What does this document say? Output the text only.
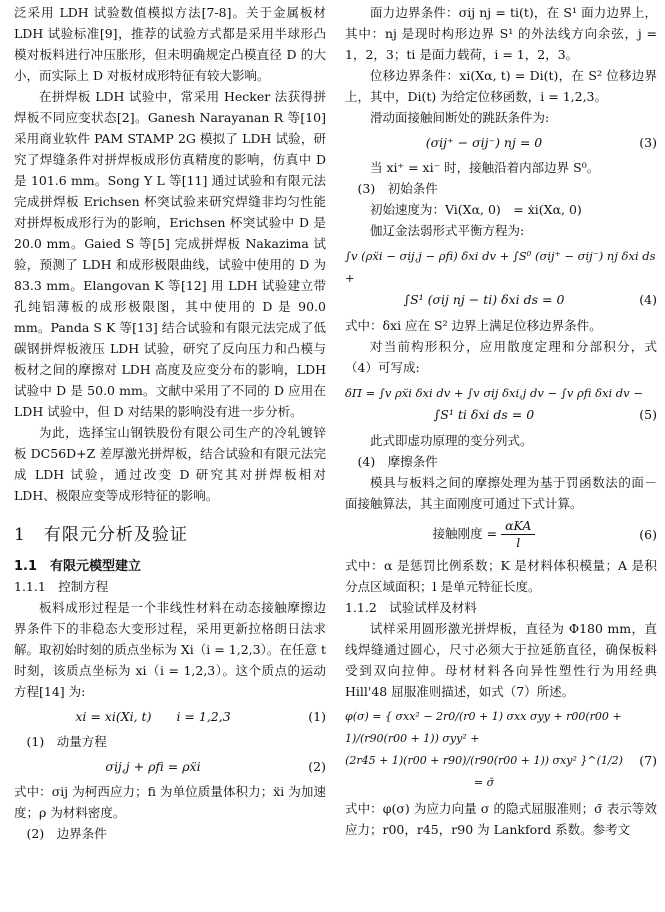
泛采用 LDH 试验数值模拟方法[7-8]。关于金属板材 LDH 试验标准[9]，推荐的试验方式都是采用半球形凸模对板料进行冲压胀形，但未明确规定凸模直径 D 的大小，而实际上 D 对板材成形特征有较大影响。

在拼焊板 LDH 试验中，常采用 Hecker 法获得拼焊板不同应变状态[2]。Ganesh Narayanan R 等[10] 采用商业软件 PAM STAMP 2G 模拟了 LDH 试验，研究了焊缝条件对拼焊板成形仿真精度的影响，仿真中 D 是 101.6 mm。Song Y L 等[11] 通过试验和有限元法完成拼焊板 Erichsen 杯突试验来研究焊缝非均匀性能对拼焊板成形行为的影响，Erichsen 杯突试验中 D 是 20.0 mm。Gaied S 等[5] 完成拼焊板 Nakazima 试验，预测了 LDH 和成形极限曲线，试验中使用的 D 为 83.3 mm。Elangovan K 等[12] 用 LDH 试验建立带孔纯铝薄板的成形极限图，其中使用的 D 是 90.0 mm。Panda S K 等[13] 结合试验和有限元法完成了低碳钢拼焊板液压 LDH 试验，研究了反向压力和凸模与板材之间的摩擦对 LDH 高度及应变分布的影响，LDH 试验中 D 是 50.0 mm。文献中采用了不同的 D 应用在 LDH 试验中，但 D 对结果的影响没有进一步分析。

为此，选择宝山钢铁股份有限公司生产的冷轧镀锌板 DC56D+Z 差厚激光拼焊板，结合试验和有限元法完成 LDH 试验，通过改变 D 研究其对拼焊板相对 LDH、极限应变等成形特征的影响。

1　有限元分析及验证
1.1　有限元模型建立
1.1.1　控制方程

板料成形过程是一个非线性材料在动态接触摩擦边界条件下的非稳态大变形过程，采用更新拉格朗日法求解。取初始时刻的质点坐标为 Xi（i = 1,2,3）。在任意 t 时刻，该质点坐标为 xi（i = 1,2,3）。这个质点的运动方程[14] 为:

xi = xi(Xi, t)　　i = 1,2,3	(1)

(1)　动量方程

σij,j + ρfi = ρẍi	(2)

式中：σij 为柯西应力；fi 为单位质量体积力；ẍi 为加速度；ρ 为材料密度。

(2)　边界条件

面力边界条件：σij nj = ti(t)，在 S¹ 面力边界上，其中：nj 是现时构形边界 S¹ 的外法线方向余弦，j = 1，2，3；ti 是面力载荷，i = 1，2，3。

位移边界条件：xi(Xα, t) = Di(t)，在 S² 位移边界上，其中，Di(t) 为给定位移函数，i = 1,2,3。

滑动面接触间断处的跳跃条件为:

(σij⁺ − σij⁻) nj = 0	(3)

当 xi⁺ = xi⁻ 时，接触沿着内部边界 S⁰。

(3)　初始条件

初始速度为：Vi(Xα, 0)　= ẋi(Xα, 0)

伽辽金法弱形式平衡方程为:

∫v (ρẍi − σij,j − ρfi) δxi dv + ∫S⁰ (σij⁺ − σij⁻) nj δxi ds +
∫S¹ (σij nj − ti) δxi ds = 0	(4)

式中：δxi 应在 S² 边界上满足位移边界条件。

对当前构形积分，应用散度定理和分部积分，式（4）可写成:

δΠ = ∫v ρẍi δxi dv + ∫v σij δxi,j dv − ∫v ρfi δxi dv −
∫S¹ ti δxi ds = 0	(5)

此式即虚功原理的变分列式。

(4)　摩擦条件

模具与板料之间的摩擦处理为基于罚函数法的面－面接触算法，其主面刚度可通过下式计算。

接触刚度 = $\frac{\text{αKA}}{l}$	(6)

式中：α 是惩罚比例系数；K 是材料体积模量；A 是积分点区域面积；l 是单元特征长度。

1.1.2　试验试样及材料

试样采用圆形激光拼焊板，直径为 Φ180 mm，直线焊缝通过圆心，尺寸必须大于拉延筋直径，确保板料受到双向拉伸。母材材料各向异性塑性行为用经典 Hill'48 屈服准则描述，如式（7）所述。

φ(σ) = { σxx² − 2r0/(r0 + 1) σxx σyy + r00(r00 + 1)/(r90(r00 + 1)) σyy² +
(2r45 + 1)(r00 + r90)/(r90(r00 + 1)) σxy² }^(1/2) = σ̄
(7)

式中：φ(σ) 为应力向量 σ 的隐式屈服准则；σ̄ 表示等效应力；r00，r45，r90 为 Lankford 系数。参考文
